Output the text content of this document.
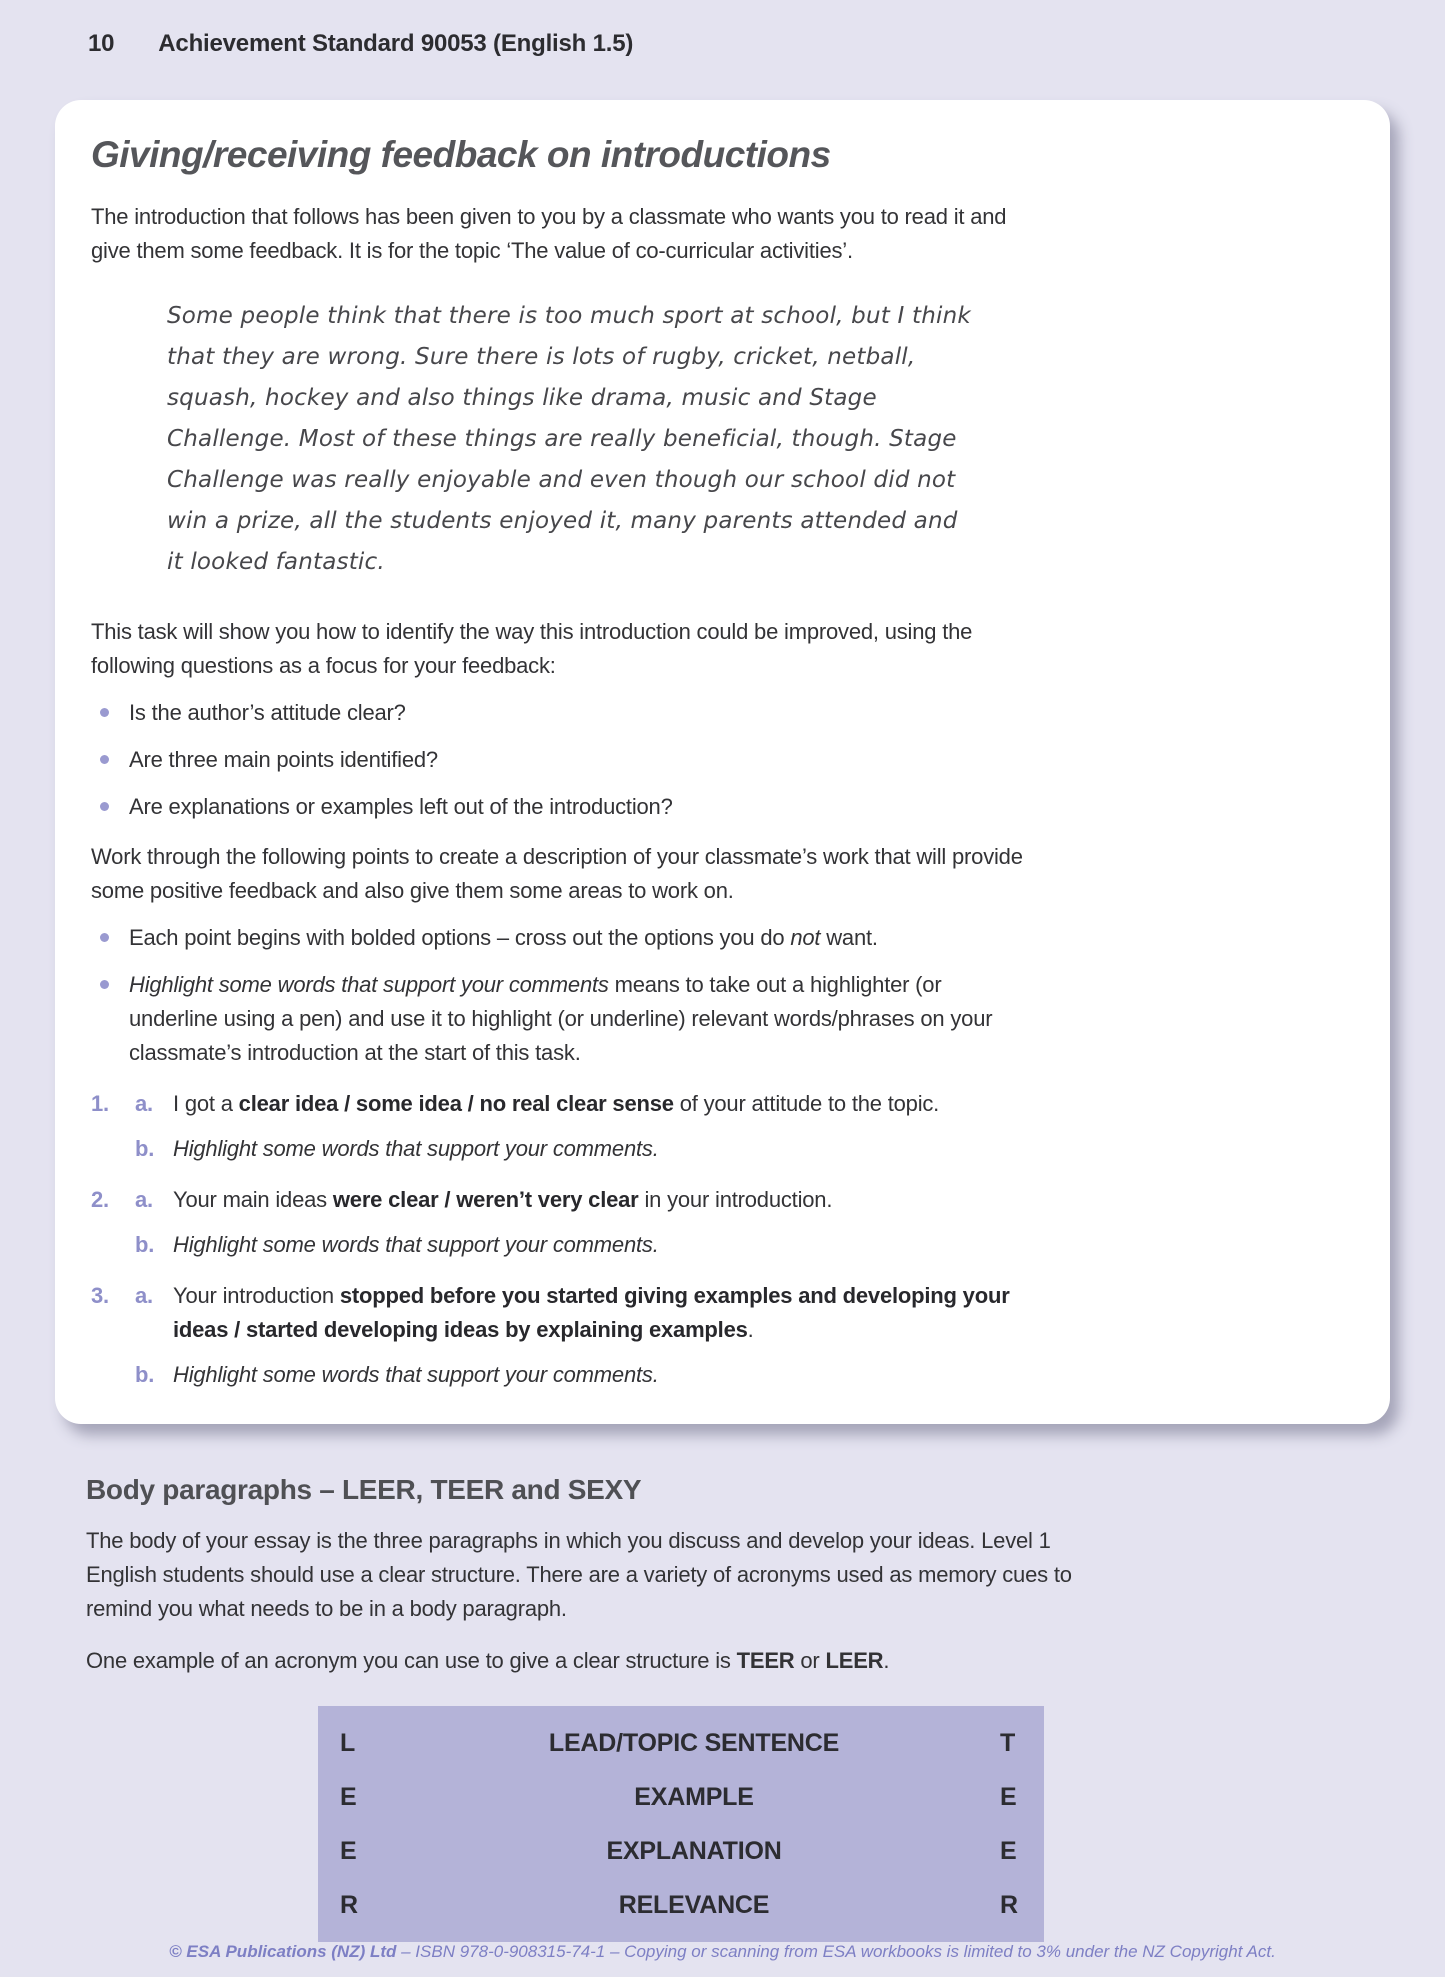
10 Achievement Standard 90053 (English 1.5)
Giving/receiving feedback on introductions

The introduction that follows has been given to you by a classmate who wants you to read it and give them some feedback. It is for the topic ‘The value of co-curricular activities’.

Some people think that there is too much sport at school, but I think that they are wrong. Sure there is lots of rugby, cricket, netball, squash, hockey and also things like drama, music and Stage Challenge. Most of these things are really beneficial, though. Stage Challenge was really enjoyable and even though our school did not win a prize, all the students enjoyed it, many parents attended and it looked fantastic.

This task will show you how to identify the way this introduction could be improved, using the following questions as a focus for your feedback:

Is the author’s attitude clear?
Are three main points identified?
Are explanations or examples left out of the introduction?

Work through the following points to create a description of your classmate’s work that will provide some positive feedback and also give them some areas to work on.

Each point begins with bolded options – cross out the options you do not want.
Highlight some words that support your comments means to take out a highlighter (or underline using a pen) and use it to highlight (or underline) relevant words/phrases on your classmate’s introduction at the start of this task.
1.	a. I got a clear idea / some idea / no real clear sense of your attitude to the topic.
b. Highlight some words that support your comments.
2.	a. Your main ideas were clear / weren’t very clear in your introduction.
b. Highlight some words that support your comments.
3.	a. Your introduction stopped before you started giving examples and developing your ideas / started developing ideas by explaining examples.
b. Highlight some words that support your comments.
Body paragraphs – LEER, TEER and SEXY

The body of your essay is the three paragraphs in which you discuss and develop your ideas. Level 1 English students should use a clear structure. There are a variety of acronyms used as memory cues to remind you what needs to be in a body paragraph.

One example of an acronym you can use to give a clear structure is TEER or LEER.

L	LEAD/TOPIC SENTENCE	T
E	EXAMPLE	E
E	EXPLANATION	E
R	RELEVANCE	R
© ESA Publications (NZ) Ltd – ISBN 978-0-908315-74-1 – Copying or scanning from ESA workbooks is limited to 3% under the NZ Copyright Act.
